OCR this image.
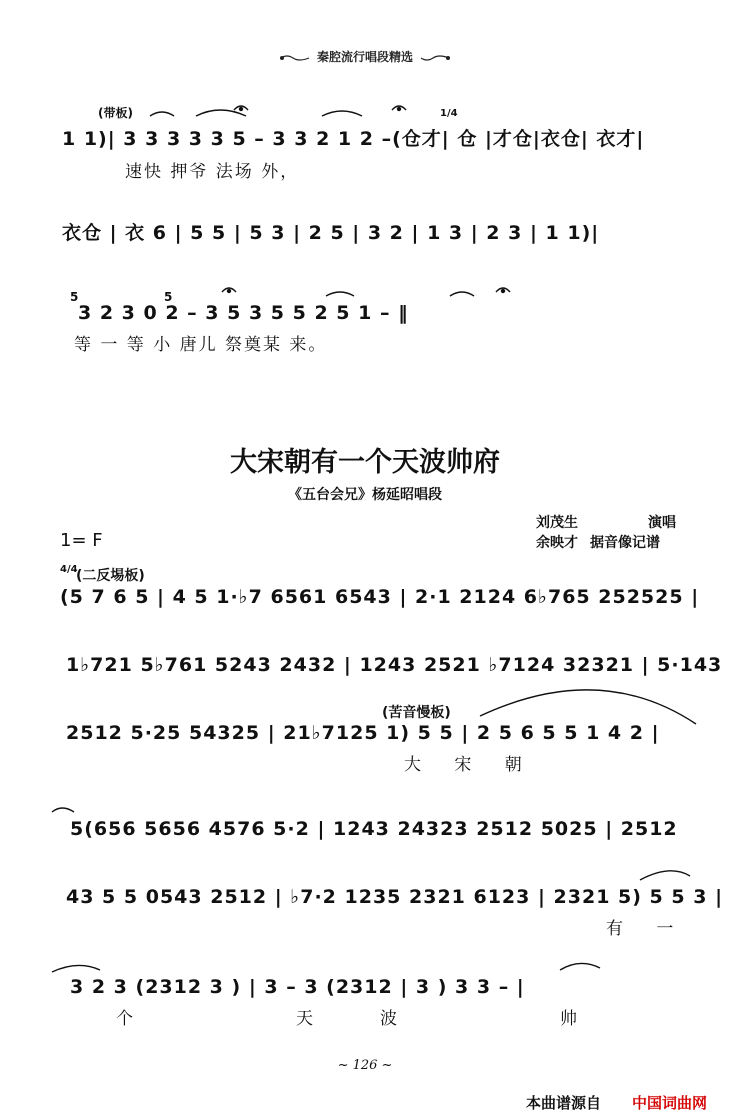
秦腔流行唱段精选
(带板)	1/4
1 1)| 3 3 3 3 3 5 – 3 3 2 1 2 –(仓才| 仓 |才仓|衣仓| 衣才|
速快 押爷 法场 外，
衣仓 | 衣 6 | 5 5 | 5 3 | 2 5 | 3 2 | 1 3 | 2 3 | 1 1)|
5	5
3 2 3 0 2 – 3 5 3 5 5 2 5 1 – ‖
等 一 等 小 唐儿 祭奠某 来。
大宋朝有一个天波帅府
《五台会兄》杨延昭唱段
刘茂生	演唱
余映才 据音像记谱
1= F
4/4
(二反埸板)
(5 7 6 5 | 4 5 1·♭7 6561 6543 | 2·1 2124 6♭765 252525 |
1♭721 5♭761 5243 2432 | 1243 2521 ♭7124 32321 | 5·143
(苦音慢板)
2512 5·25 54325 | 21♭7125 1) 5 5 | 2 5 6 5 5 1 4 2 |
大 宋 朝
5(656 5656 4576 5·2 | 1243 24323 2512 5025 | 2512
43 5 5 0543 2512 | ♭7·2 1235 2321 6123 | 2321 5) 5 5 3 |
有 一
3 2 3 (2312 3 ) | 3 – 3 (2312 | 3 ) 3 3 – |
个	天	波	帅
~ 126 ~
本曲谱源自 中国词曲网
